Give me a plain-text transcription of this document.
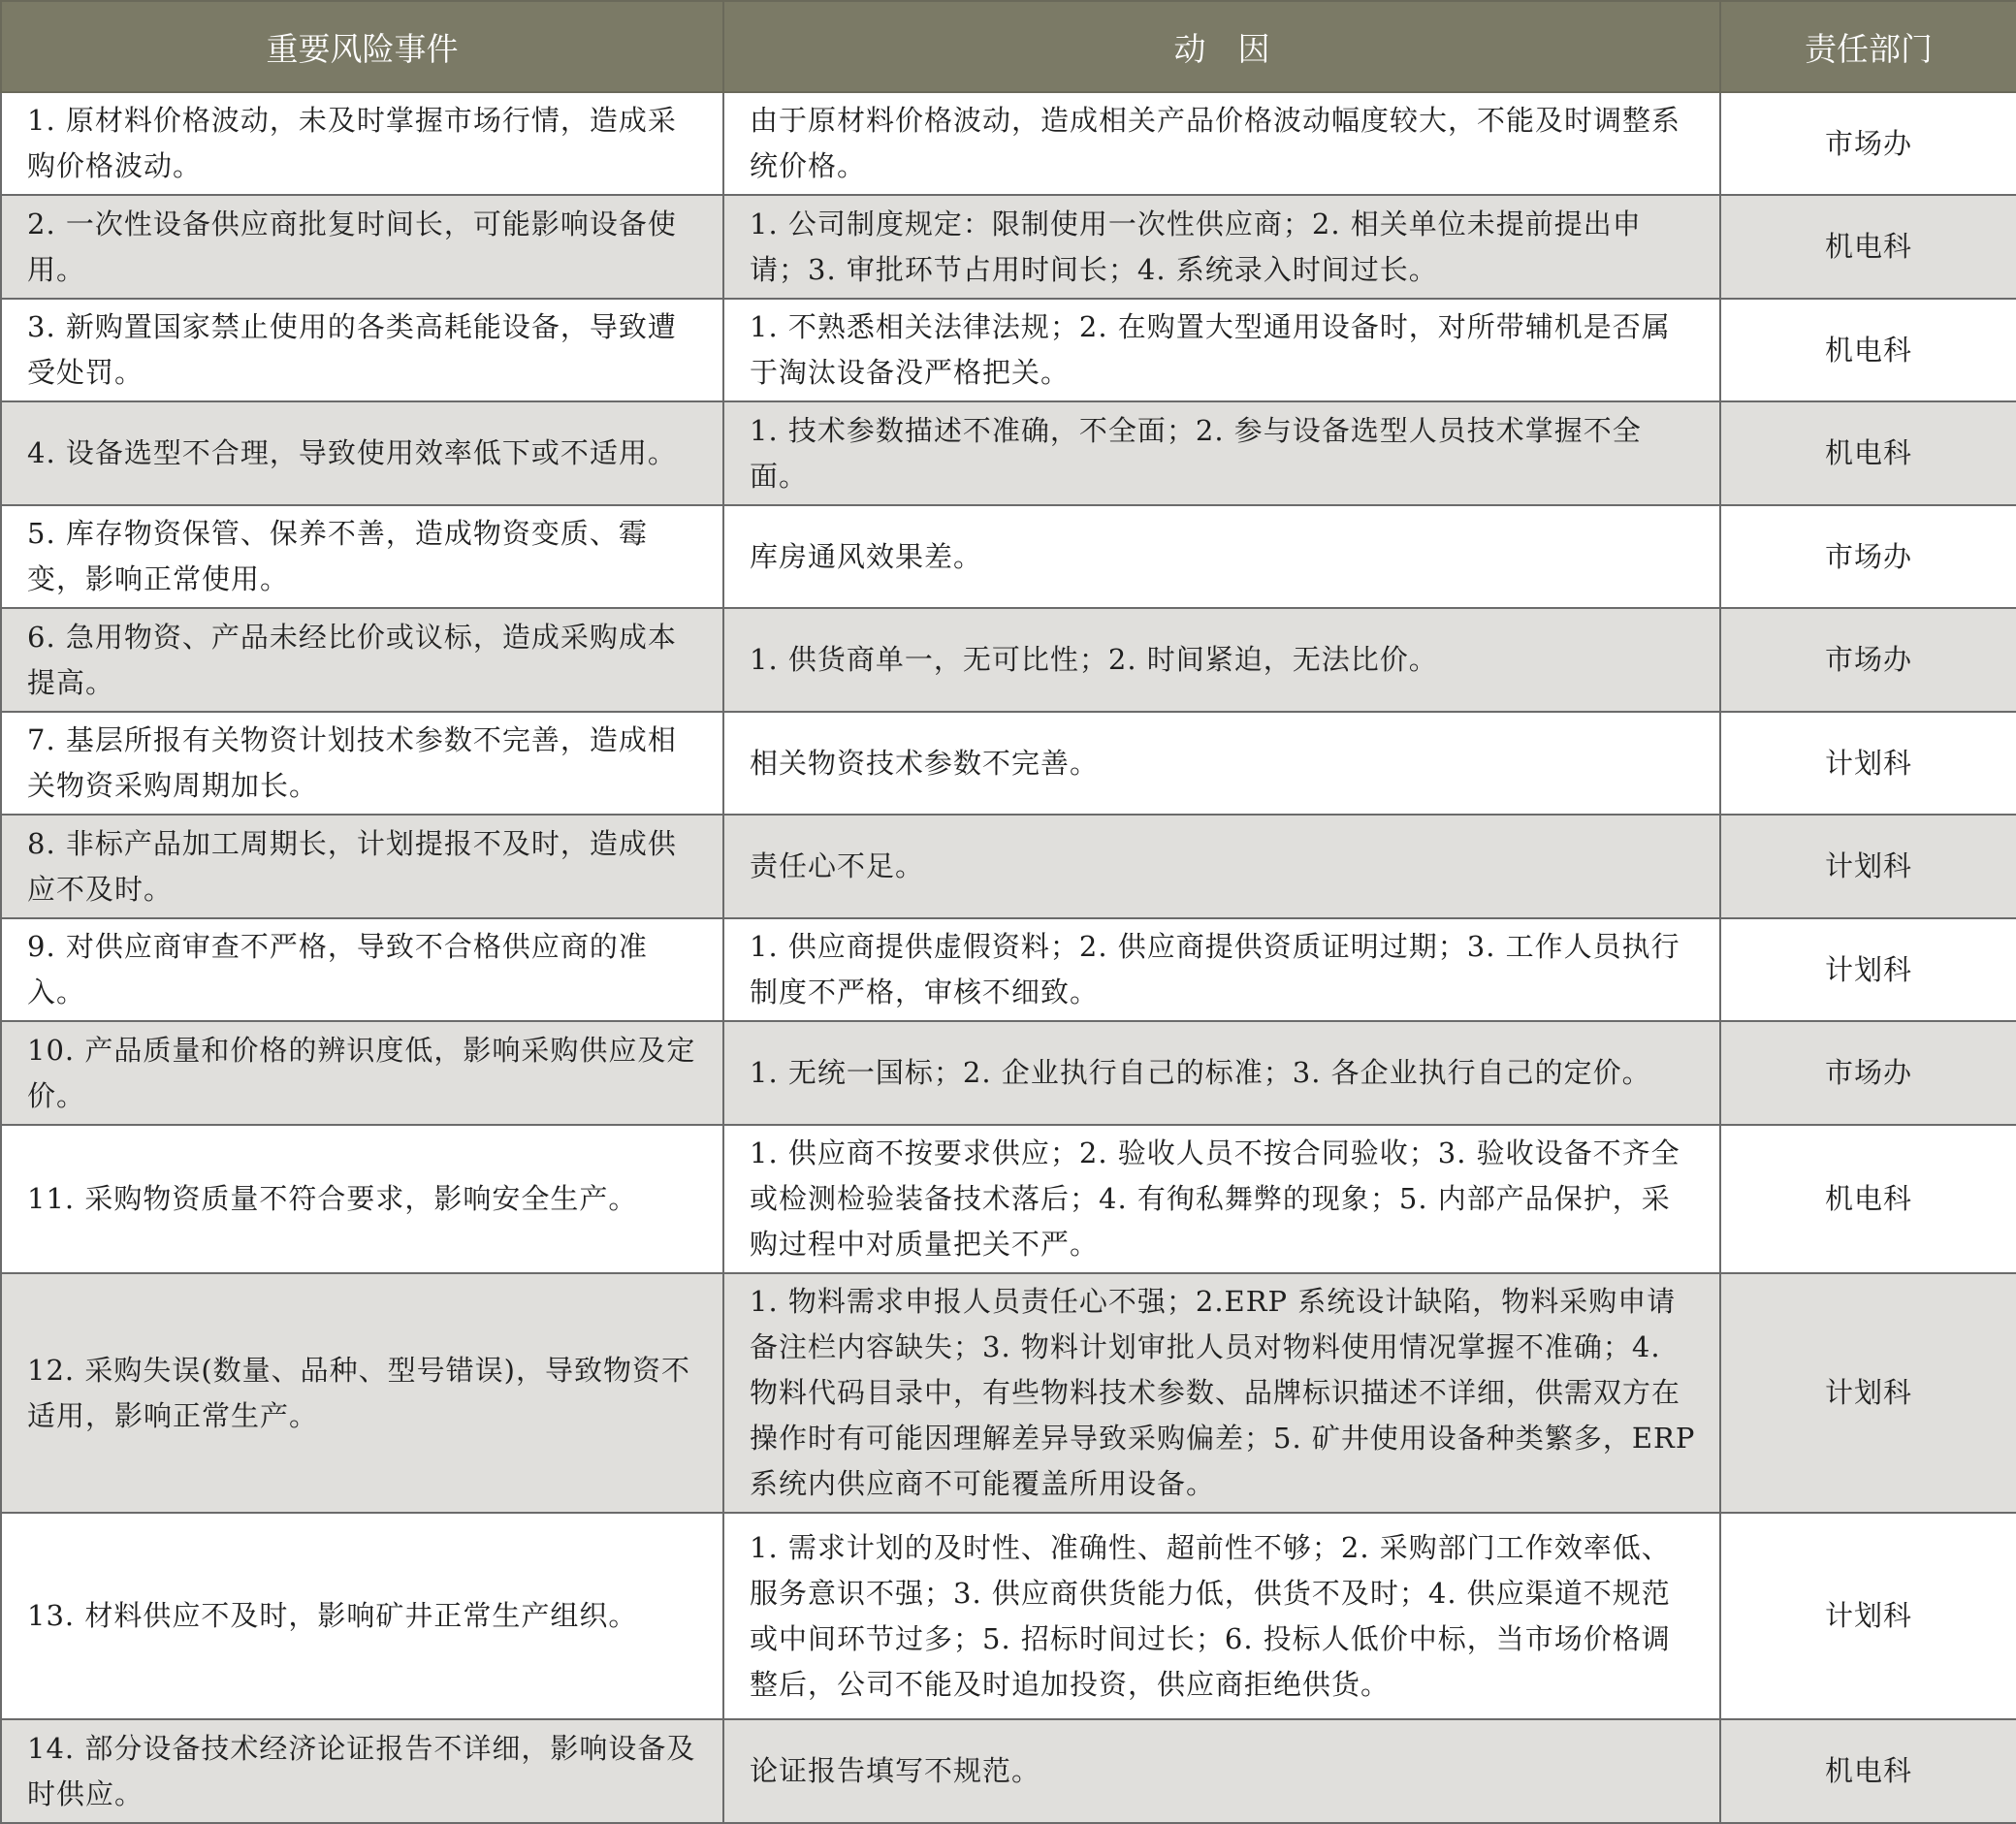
重要风险事件	动　因	责任部门
1. 原材料价格波动，未及时掌握市场行情，造成采购价格波动。	由于原材料价格波动，造成相关产品价格波动幅度较大，不能及时调整系统价格。	市场办
2. 一次性设备供应商批复时间长，可能影响设备使用。	1. 公司制度规定：限制使用一次性供应商；2. 相关单位未提前提出申请；3. 审批环节占用时间长；4. 系统录入时间过长。	机电科
3. 新购置国家禁止使用的各类高耗能设备，导致遭受处罚。	1. 不熟悉相关法律法规；2. 在购置大型通用设备时，对所带辅机是否属于淘汰设备没严格把关。	机电科
4. 设备选型不合理，导致使用效率低下或不适用。	1. 技术参数描述不准确，不全面；2. 参与设备选型人员技术掌握不全面。	机电科
5. 库存物资保管、保养不善，造成物资变质、霉变，影响正常使用。	库房通风效果差。	市场办
6. 急用物资、产品未经比价或议标，造成采购成本提高。	1. 供货商单一，无可比性；2. 时间紧迫，无法比价。	市场办
7. 基层所报有关物资计划技术参数不完善，造成相关物资采购周期加长。	相关物资技术参数不完善。	计划科
8. 非标产品加工周期长，计划提报不及时，造成供应不及时。	责任心不足。	计划科
9. 对供应商审查不严格，导致不合格供应商的准入。	1. 供应商提供虚假资料；2. 供应商提供资质证明过期；3. 工作人员执行制度不严格，审核不细致。	计划科
10. 产品质量和价格的辨识度低，影响采购供应及定价。	1. 无统一国标；2. 企业执行自己的标准；3. 各企业执行自己的定价。	市场办
11. 采购物资质量不符合要求，影响安全生产。	1. 供应商不按要求供应；2. 验收人员不按合同验收；3. 验收设备不齐全或检测检验装备技术落后；4. 有徇私舞弊的现象；5. 内部产品保护，采购过程中对质量把关不严。	机电科
12. 采购失误(数量、品种、型号错误)，导致物资不适用，影响正常生产。	1. 物料需求申报人员责任心不强；2.ERP 系统设计缺陷，物料采购申请备注栏内容缺失；3. 物料计划审批人员对物料使用情况掌握不准确；4. 物料代码目录中，有些物料技术参数、品牌标识描述不详细，供需双方在操作时有可能因理解差异导致采购偏差；5. 矿井使用设备种类繁多，ERP 系统内供应商不可能覆盖所用设备。	计划科
13. 材料供应不及时，影响矿井正常生产组织。	1. 需求计划的及时性、准确性、超前性不够；2. 采购部门工作效率低、服务意识不强；3. 供应商供货能力低，供货不及时；4. 供应渠道不规范或中间环节过多；5. 招标时间过长；6. 投标人低价中标，当市场价格调整后，公司不能及时追加投资，供应商拒绝供货。	计划科
14. 部分设备技术经济论证报告不详细，影响设备及时供应。	论证报告填写不规范。	机电科
